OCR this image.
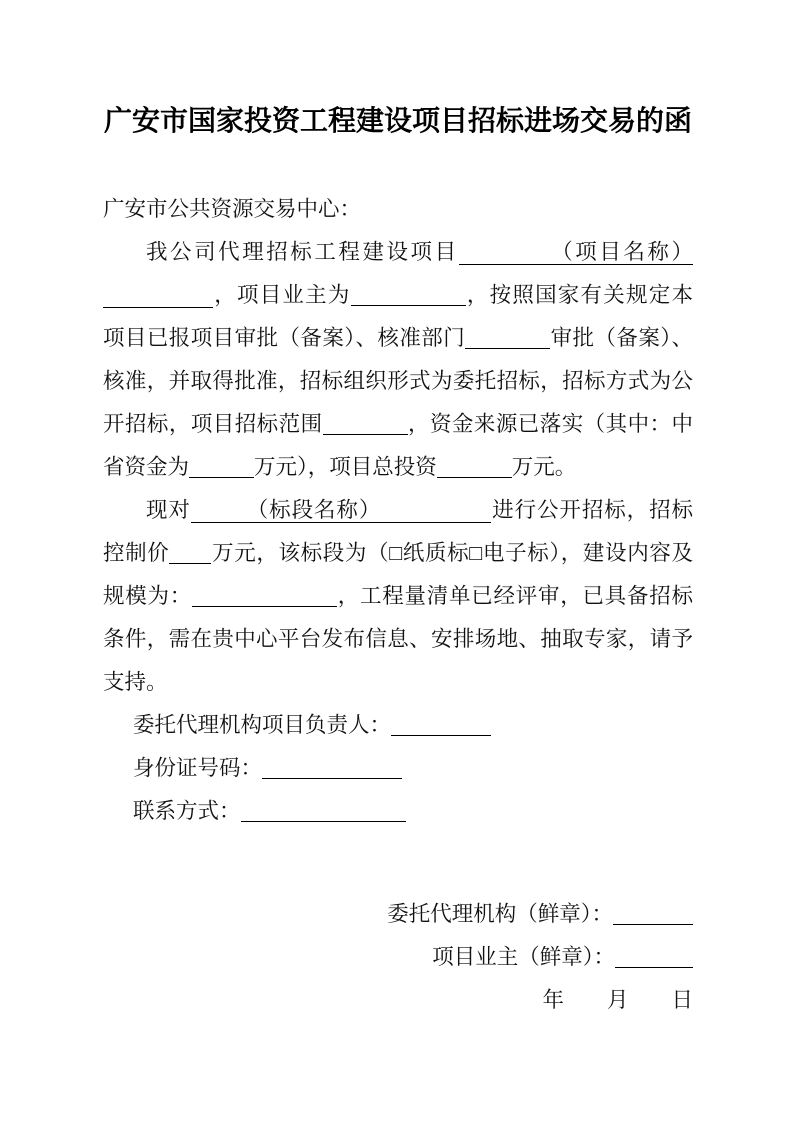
广安市国家投资工程建设项目招标进场交易的函

广安市公共资源交易中心：

我公司代理招标工程建设项目	（项目名称），项目业主为	，按照国家有关规定本项目已报项目审批（备案）、核准部门	审批（备案）、核准，并取得批准，招标组织形式为委托招标，招标方式为公开招标，项目招标范围	，资金来源已落实（其中：中省资金为	万元），项目总投资	万元。

现对	（标段名称）	进行公开招标，招标控制价 万元，该标段为（□纸质标□电子标），建设内容及规模为：	，工程量清单已经评审，已具备招标条件，需在贵中心平台发布信息、安排场地、抽取专家，请予支持。

委托代理机构项目负责人：

身份证号码：

联系方式：

委托代理机构（鲜章）：

项目业主（鲜章）：

年　　月　　日
